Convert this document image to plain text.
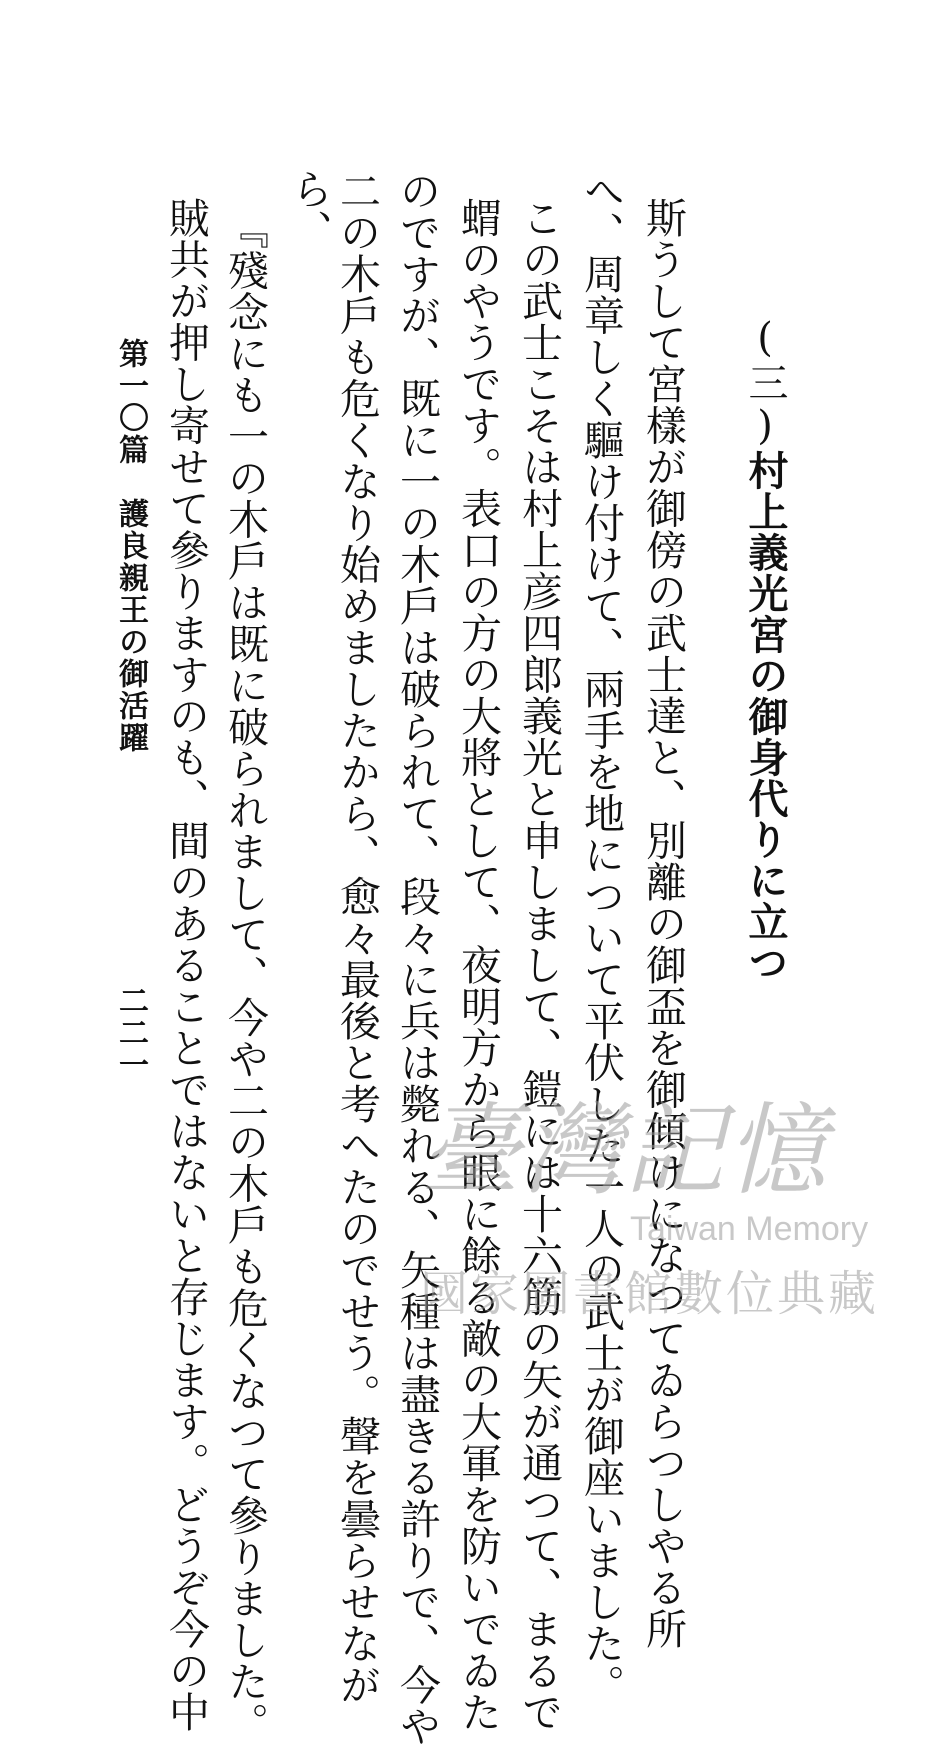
(三)村上義光宮の御身代りに立つ
斯うして宮樣が御傍の武士達と、別離の御盃を御傾けになつてゐらつしやる所
へ、周章しく驅け付けて、兩手を地について平伏した一人の武士が御座いました。
この武士こそは村上彦四郎義光と申しまして、鎧には十六筋の矢が通つて、まるで
蝟のやうです。表口の方の大將として、夜明方から眼に餘る敵の大軍を防いでゐた
のですが、既に一の木戶は破られて、段々に兵は斃れる、矢種は盡きる許りで、今や
二の木戶も危くなり始めましたから、愈々最後と考へたのでせう。聲を曇らせなが
ら、
『殘念にも一の木戶は既に破られまして、今や二の木戶も危くなつて參りました。
賊共が押し寄せて參りますのも、間のあることではないと存じます。どうぞ今の中
第一〇篇　護良親王の御活躍
二二一
臺灣記憶
Taiwan Memory
國家圖書館數位典藏
